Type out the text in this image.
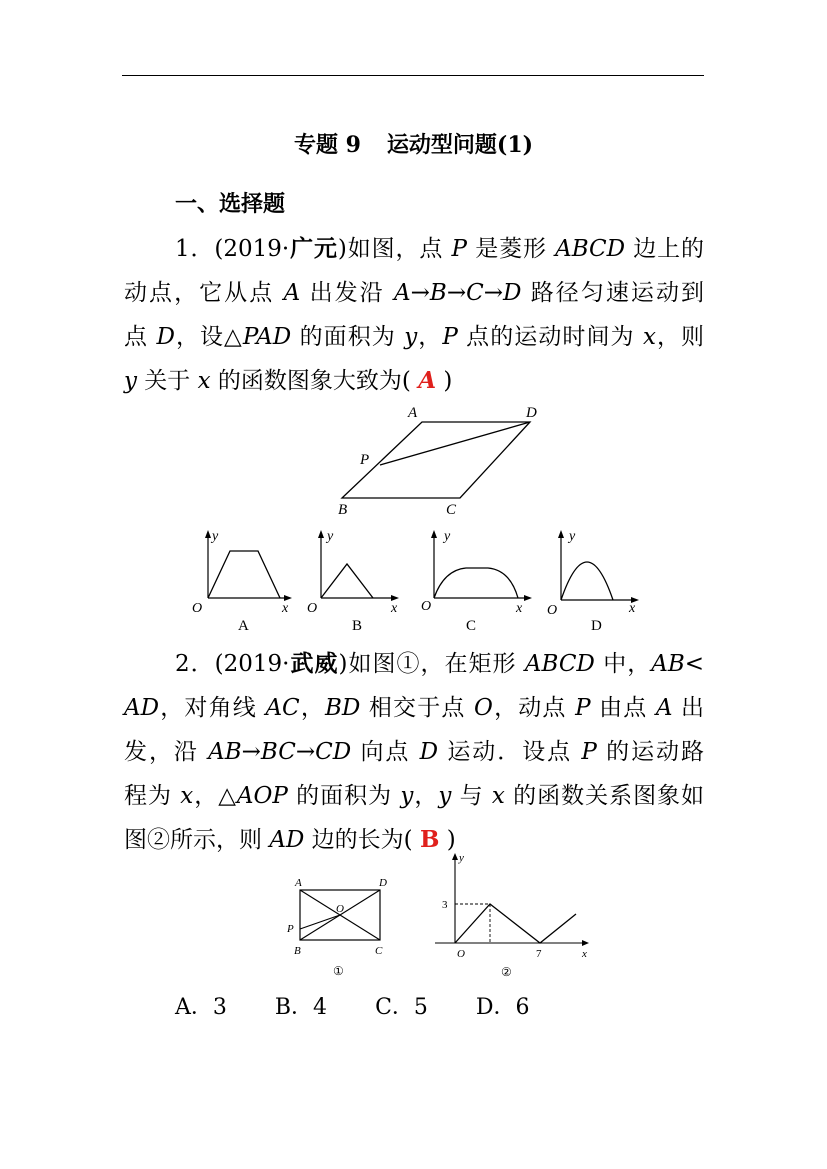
专题 9 运动型问题(1)
一、选择题
1．(2019·广元)如图，点 P 是菱形 ABCD 边上的
动点，它从点 A 出发沿 A→B→C→D 路径匀速运动到
点 D，设△PAD 的面积为 y，P 点的运动时间为 x，则
y 关于 x 的函数图象大致为( A )
A	D
P
B	C
y
O	x
A
y
O	x
B
y
O	x
C
y
O	x
D
2．(2019·武威)如图①，在矩形 ABCD 中，AB<
AD，对角线 AC，BD 相交于点 O，动点 P 由点 A 出
发，沿 AB→BC→CD 向点 D 运动．设点 P 的运动路
程为 x，△AOP 的面积为 y，y 与 x 的函数关系图象如
图②所示，则 AD 边的长为( B )
A	D
O
P
B	C
①
y
3
O	7	x
②
A．3 B．4 C．5 D．6
